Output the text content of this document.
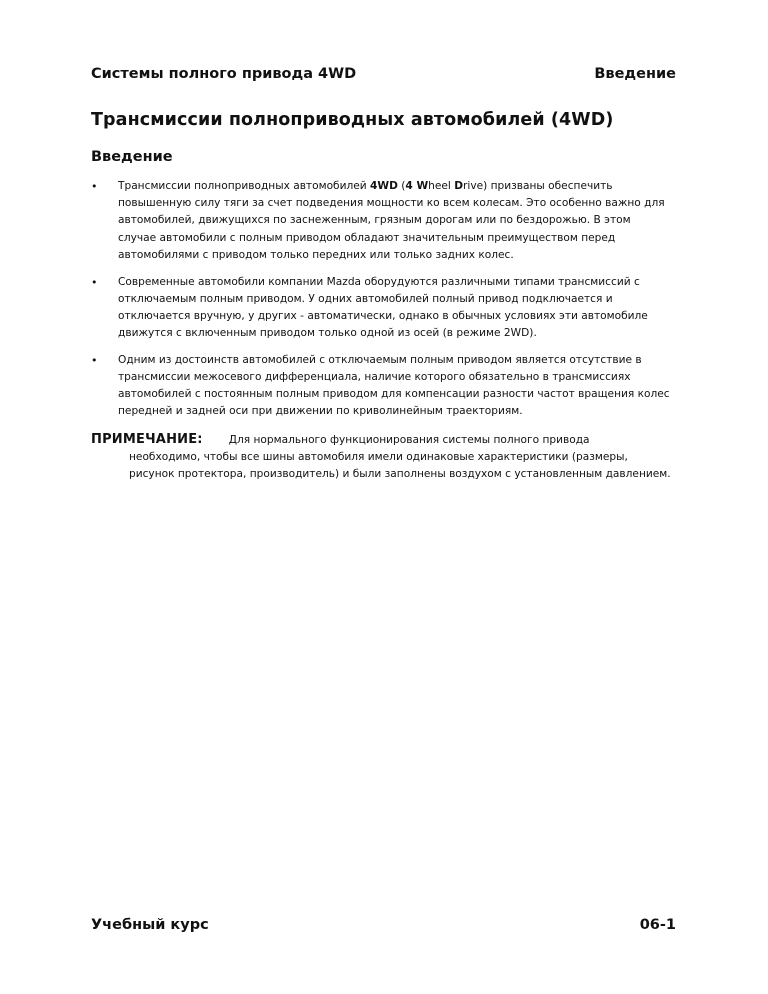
Системы полного привода 4WD	Введение
Трансмиссии полноприводных автомобилей (4WD)
Введение
• Трансмиссии полноприводных автомобилей 4WD (4 Wheel Drive) призваны обеспечить повышенную силу тяги за счет подведения мощности ко всем колесам. Это особенно важно для автомобилей, движущихся по заснеженным, грязным дорогам или по бездорожью. В этом случае автомобили с полным приводом обладают значительным преимуществом перед автомобилями с приводом только передних или только задних колес.
• Современные автомобили компании Mazda оборудуются различными типами трансмиссий с отключаемым полным приводом. У одних автомобилей полный привод подключается и отключается вручную, у других - автоматически, однако в обычных условиях эти автомобиле движутся с включенным приводом только одной из осей (в режиме 2WD).
• Одним из достоинств автомобилей с отключаемым полным приводом является отсутствие в трансмиссии межосевого дифференциала, наличие которого обязательно в трансмиссиях автомобилей с постоянным полным приводом для компенсации разности частот вращения колес передней и задней оси при движении по криволинейным траекториям.
ПРИМЕЧАНИЕ: Для нормального функционирования системы полного привода
необходимо, чтобы все шины автомобиля имели одинаковые характеристики (размеры, рисунок протектора, производитель) и были заполнены воздухом с установленным давлением.
Учебный курс	06-1
